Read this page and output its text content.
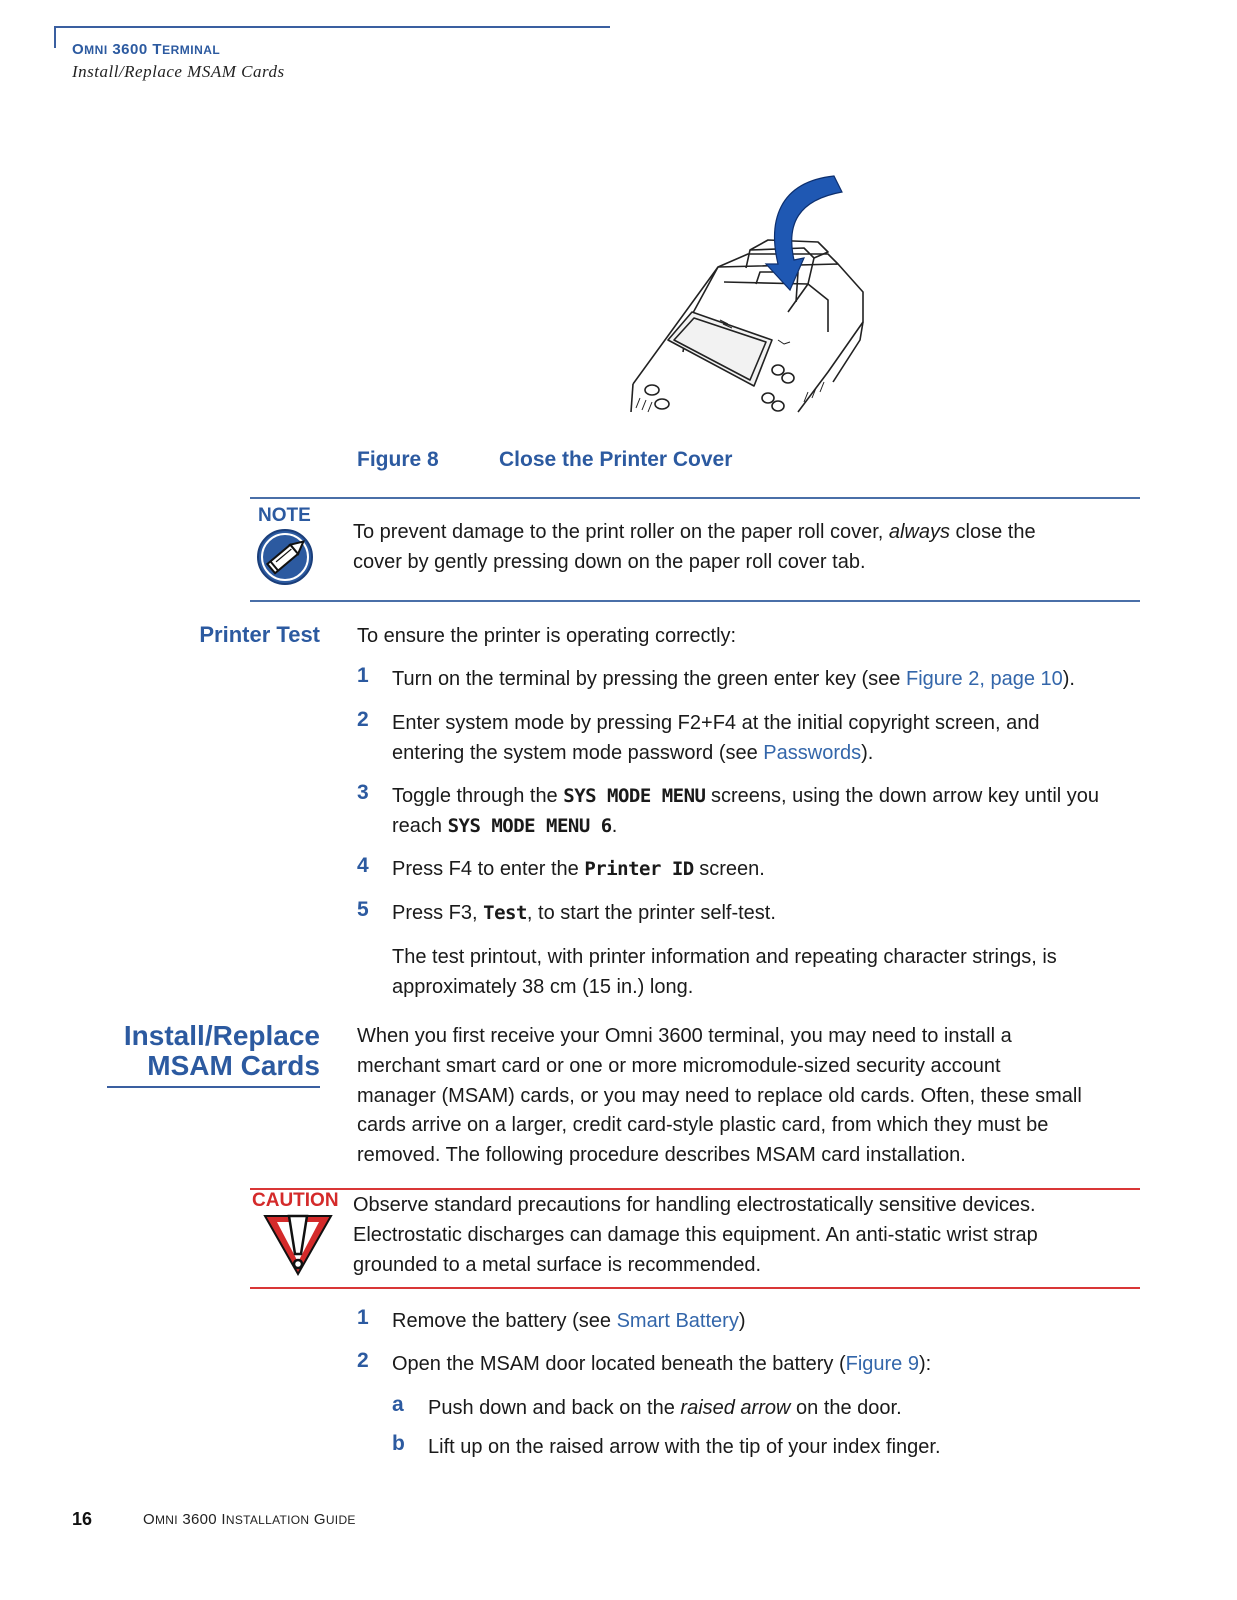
OMNI 3600 TERMINAL
Install/Replace MSAM Cards
Figure 8	Close the Printer Cover
NOTE
To prevent damage to the print roller on the paper roll cover, always close the
cover by gently pressing down on the paper roll cover tab.
Printer Test To ensure the printer is operating correctly:
1 Turn on the terminal by pressing the green enter key (see Figure 2, page 10).
2 Enter system mode by pressing F2+F4 at the initial copyright screen, and
entering the system mode password (see Passwords).
3 Toggle through the SYS MODE MENU screens, using the down arrow key until you
reach SYS MODE MENU 6.
4 Press F4 to enter the Printer ID screen.
5 Press F3, Test, to start the printer self-test.
The test printout, with printer information and repeating character strings, is
approximately 38 cm (15 in.) long.
Install/Replace
MSAM Cards
When you first receive your Omni 3600 terminal, you may need to install a
merchant smart card or one or more micromodule-sized security account
manager (MSAM) cards, or you may need to replace old cards. Often, these small
cards arrive on a larger, credit card-style plastic card, from which they must be
removed. The following procedure describes MSAM card installation.
CAUTION Observe standard precautions for handling electrostatically sensitive devices.
Electrostatic discharges can damage this equipment. An anti-static wrist strap
grounded to a metal surface is recommended.
1 Remove the battery (see Smart Battery)
2 Open the MSAM door located beneath the battery (Figure 9):
a Push down and back on the raised arrow on the door.
b Lift up on the raised arrow with the tip of your index finger.
16	OMNI 3600 INSTALLATION GUIDE
